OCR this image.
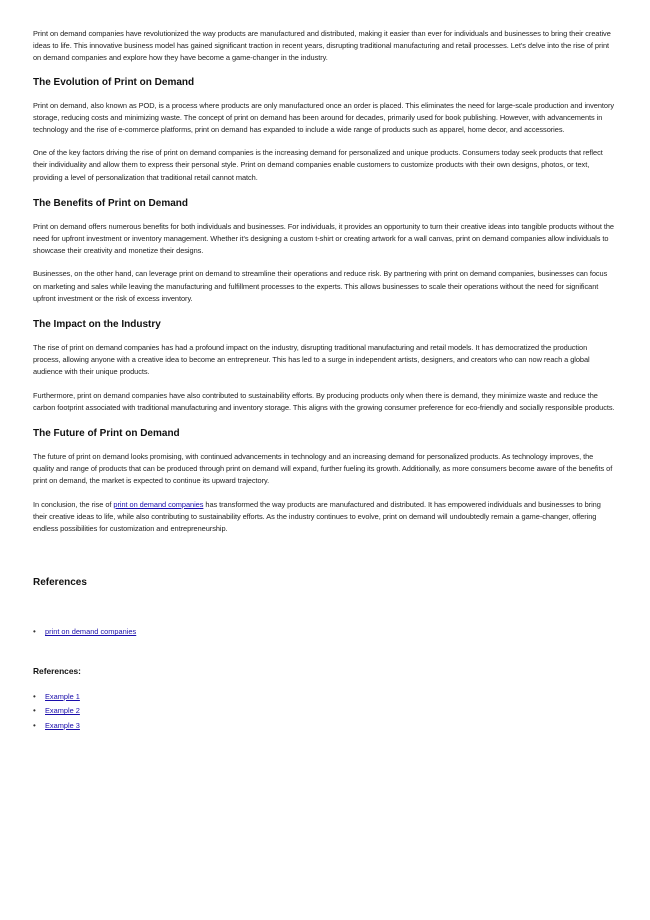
Print on demand companies have revolutionized the way products are manufactured and distributed, making it easier than ever for individuals and businesses to bring their creative ideas to life. This innovative business model has gained significant traction in recent years, disrupting traditional manufacturing and retail processes. Let's delve into the rise of print on demand companies and explore how they have become a game-changer in the industry.

The Evolution of Print on Demand

Print on demand, also known as POD, is a process where products are only manufactured once an order is placed. This eliminates the need for large-scale production and inventory storage, reducing costs and minimizing waste. The concept of print on demand has been around for decades, primarily used for book publishing. However, with advancements in technology and the rise of e-commerce platforms, print on demand has expanded to include a wide range of products such as apparel, home decor, and accessories.

One of the key factors driving the rise of print on demand companies is the increasing demand for personalized and unique products. Consumers today seek products that reflect their individuality and allow them to express their personal style. Print on demand companies enable customers to customize products with their own designs, photos, or text, providing a level of personalization that traditional retail cannot match.

The Benefits of Print on Demand

Print on demand offers numerous benefits for both individuals and businesses. For individuals, it provides an opportunity to turn their creative ideas into tangible products without the need for upfront investment or inventory management. Whether it's designing a custom t-shirt or creating artwork for a wall canvas, print on demand companies allow individuals to showcase their creativity and monetize their designs.

Businesses, on the other hand, can leverage print on demand to streamline their operations and reduce risk. By partnering with print on demand companies, businesses can focus on marketing and sales while leaving the manufacturing and fulfillment processes to the experts. This allows businesses to scale their operations without the need for significant upfront investment or the risk of excess inventory.

The Impact on the Industry

The rise of print on demand companies has had a profound impact on the industry, disrupting traditional manufacturing and retail models. It has democratized the production process, allowing anyone with a creative idea to become an entrepreneur. This has led to a surge in independent artists, designers, and creators who can now reach a global audience with their unique products.

Furthermore, print on demand companies have also contributed to sustainability efforts. By producing products only when there is demand, they minimize waste and reduce the carbon footprint associated with traditional manufacturing and inventory storage. This aligns with the growing consumer preference for eco-friendly and socially responsible products.

The Future of Print on Demand

The future of print on demand looks promising, with continued advancements in technology and an increasing demand for personalized products. As technology improves, the quality and range of products that can be produced through print on demand will expand, further fueling its growth. Additionally, as more consumers become aware of the benefits of print on demand, the market is expected to continue its upward trajectory.

In conclusion, the rise of print on demand companies has transformed the way products are manufactured and distributed. It has empowered individuals and businesses to bring their creative ideas to life, while also contributing to sustainability efforts. As the industry continues to evolve, print on demand will undoubtedly remain a game-changer, offering endless possibilities for customization and entrepreneurship.

References
• print on demand companies
References:
• Example 1
• Example 2
• Example 3
